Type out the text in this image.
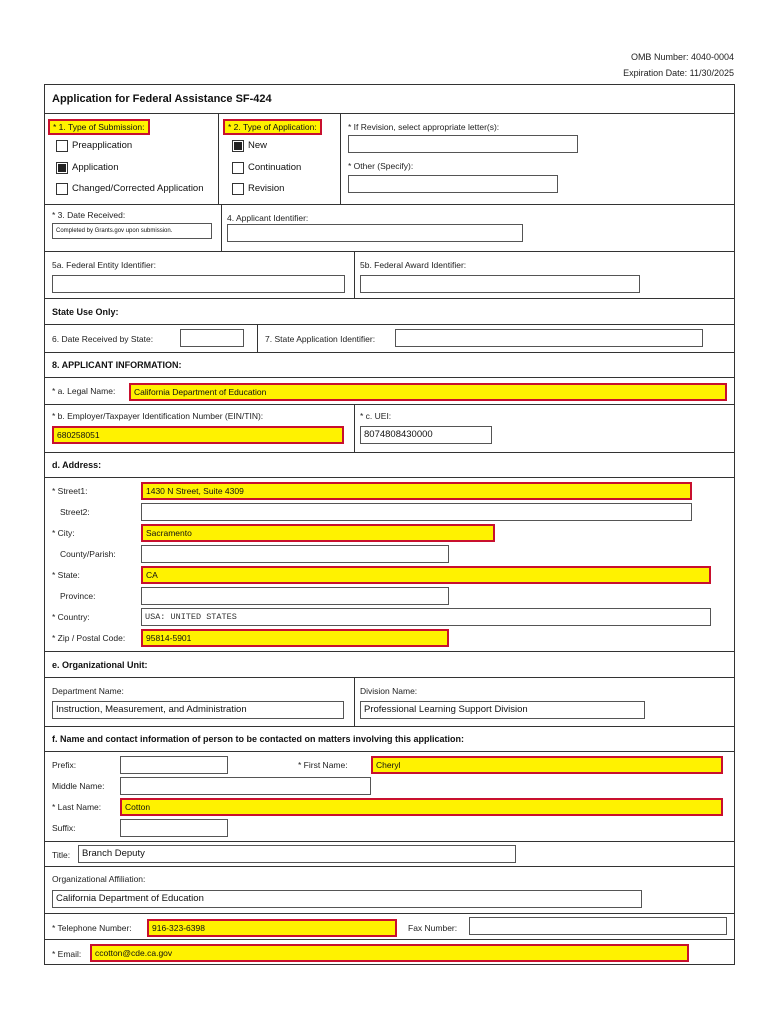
OMB Number: 4040-0004
Expiration Date: 11/30/2025
Application for Federal Assistance SF-424
* 1. Type of Submission:
Preapplication
Application
Changed/Corrected Application
* 2. Type of Application:
New
Continuation
Revision
* If Revision, select appropriate letter(s):
* Other (Specify):
* 3. Date Received:
Completed by Grants.gov upon submission.
4. Applicant Identifier:
5a. Federal Entity Identifier:	5b. Federal Award Identifier:
State Use Only:
6. Date Received by State:	7. State Application Identifier:
8. APPLICANT INFORMATION:
* a. Legal Name:	California Department of Education
* b. Employer/Taxpayer Identification Number (EIN/TIN):
680258051
* c. UEI:
8074808430000
d. Address:
* Street1:	1430 N Street, Suite 4309
Street2:
* City:	Sacramento
County/Parish:
* State:	CA
Province:
* Country:	USA: UNITED STATES
* Zip / Postal Code:	95814-5901
e. Organizational Unit:
Department Name:
Instruction, Measurement, and Administration
Division Name:
Professional Learning Support Division
f. Name and contact information of person to be contacted on matters involving this application:
Prefix:	* First Name:	Cheryl
Middle Name:
* Last Name:	Cotton
Suffix:
Title:	Branch Deputy
Organizational Affiliation:
California Department of Education
* Telephone Number:	916-323-6398	Fax Number:
* Email:	ccotton@cde.ca.gov
